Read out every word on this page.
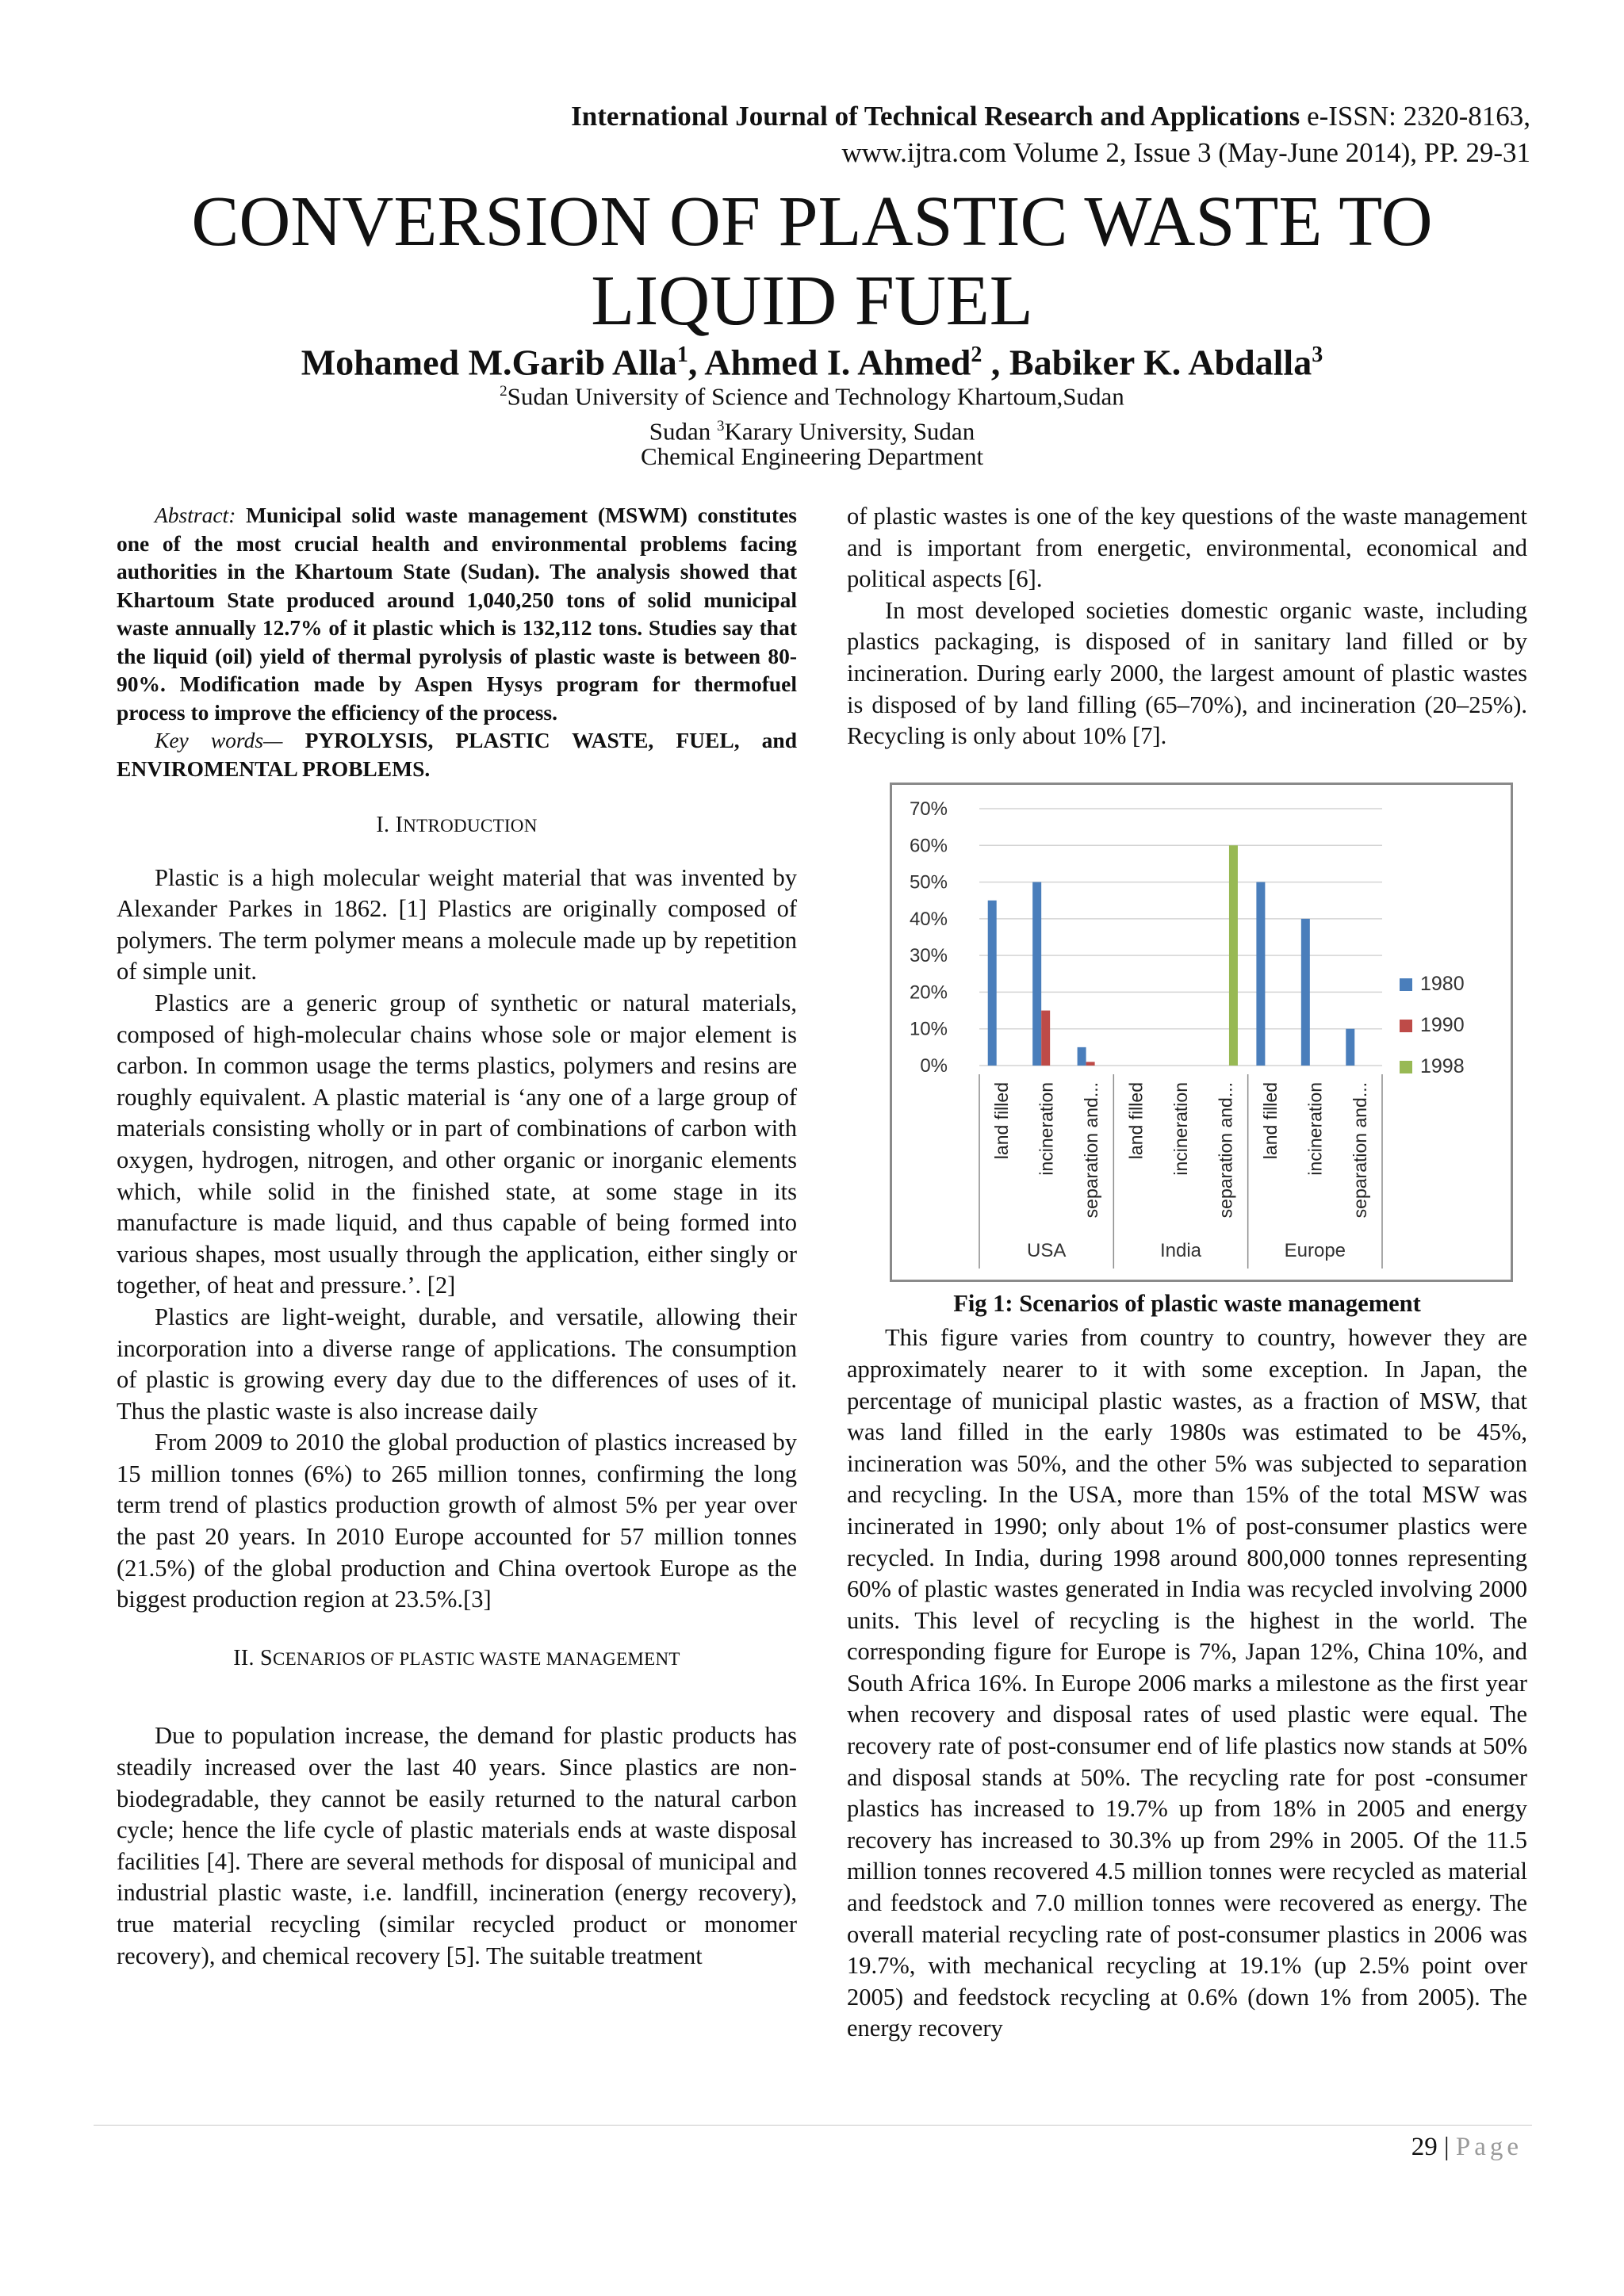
International Journal of Technical Research and Applications e-ISSN: 2320-8163,
www.ijtra.com Volume 2, Issue 3 (May-June 2014), PP. 29-31
CONVERSION OF PLASTIC WASTE TO LIQUID FUEL
Mohamed M.Garib Alla$^1$, Ahmed I. Ahmed$^2$ , Babiker K. Abdalla$^3$
$^2$Sudan University of Science and Technology Khartoum,Sudan
Sudan $^3$Karary University, Sudan
Chemical Engineering Department

Abstract: Municipal solid waste management (MSWM) constitutes one of the most crucial health and environmental problems facing authorities in the Khartoum State (Sudan). The analysis showed that Khartoum State produced around 1,040,250 tons of solid municipal waste annually 12.7% of it plastic which is 132,112 tons. Studies say that the liquid (oil) yield of thermal pyrolysis of plastic waste is between 80-90%. Modification made by Aspen Hysys program for thermofuel process to improve the efficiency of the process.

Key words— PYROLYSIS, PLASTIC WASTE, FUEL, and ENVIROMENTAL PROBLEMS.

I. INTRODUCTION

Plastic is a high molecular weight material that was invented by Alexander Parkes in 1862. [1] Plastics are originally composed of polymers. The term polymer means a molecule made up by repetition of simple unit.

Plastics are a generic group of synthetic or natural materials, composed of high-molecular chains whose sole or major element is carbon. In common usage the terms plastics, polymers and resins are roughly equivalent. A plastic material is ‘any one of a large group of materials consisting wholly or in part of combinations of carbon with oxygen, hydrogen, nitrogen, and other organic or inorganic elements which, while solid in the finished state, at some stage in its manufacture is made liquid, and thus capable of being formed into various shapes, most usually through the application, either singly or together, of heat and pressure.’. [2]

Plastics are light-weight, durable, and versatile, allowing their incorporation into a diverse range of applications. The consumption of plastic is growing every day due to the differences of uses of it. Thus the plastic waste is also increase daily

From 2009 to 2010 the global production of plastics increased by 15 million tonnes (6%) to 265 million tonnes, confirming the long term trend of plastics production growth of almost 5% per year over the past 20 years. In 2010 Europe accounted for 57 million tonnes (21.5%) of the global production and China overtook Europe as the biggest production region at 23.5%.[3]

II. SCENARIOS OF PLASTIC WASTE MANAGEMENT

Due to population increase, the demand for plastic products has steadily increased over the last 40 years. Since plastics are non-biodegradable, they cannot be easily returned to the natural carbon cycle; hence the life cycle of plastic materials ends at waste disposal facilities [4]. There are several methods for disposal of municipal and industrial plastic waste, i.e. landfill, incineration (energy recovery), true material recycling (similar recycled product or monomer recovery), and chemical recovery [5]. The suitable treatment

of plastic wastes is one of the key questions of the waste management and is important from energetic, environmental, economical and political aspects [6].

In most developed societies domestic organic waste, including plastics packaging, is disposed of in sanitary land filled or by incineration. During early 2000, the largest amount of plastic wastes is disposed of by land filling (65–70%), and incineration (20–25%). Recycling is only about 10% [7].

0%
10%
20%
30%
40%
50%
60%
70%
land filled incineration separation and... land filled incineration separation and... land filled incineration separation and...
USA	India	Europe
1980
1990
1998

Fig 1: Scenarios of plastic waste management

This figure varies from country to country, however they are approximately nearer to it with some exception. In Japan, the percentage of municipal plastic wastes, as a fraction of MSW, that was land filled in the early 1980s was estimated to be 45%, incineration was 50%, and the other 5% was subjected to separation and recycling. In the USA, more than 15% of the total MSW was incinerated in 1990; only about 1% of post-consumer plastics were recycled. In India, during 1998 around 800,000 tonnes representing 60% of plastic wastes generated in India was recycled involving 2000 units. This level of recycling is the highest in the world. The corresponding figure for Europe is 7%, Japan 12%, China 10%, and South Africa 16%. In Europe 2006 marks a milestone as the first year when recovery and disposal rates of used plastic were equal. The recovery rate of post-consumer end of life plastics now stands at 50% and disposal stands at 50%. The recycling rate for post -consumer plastics has increased to 19.7% up from 18% in 2005 and energy recovery has increased to 30.3% up from 29% in 2005. Of the 11.5 million tonnes recovered 4.5 million tonnes were recycled as material and feedstock and 7.0 million tonnes were recovered as energy. The overall material recycling rate of post-consumer plastics in 2006 was 19.7%, with mechanical recycling at 19.1% (up 2.5% point over 2005) and feedstock recycling at 0.6% (down 1% from 2005). The energy recovery

29 | Page
